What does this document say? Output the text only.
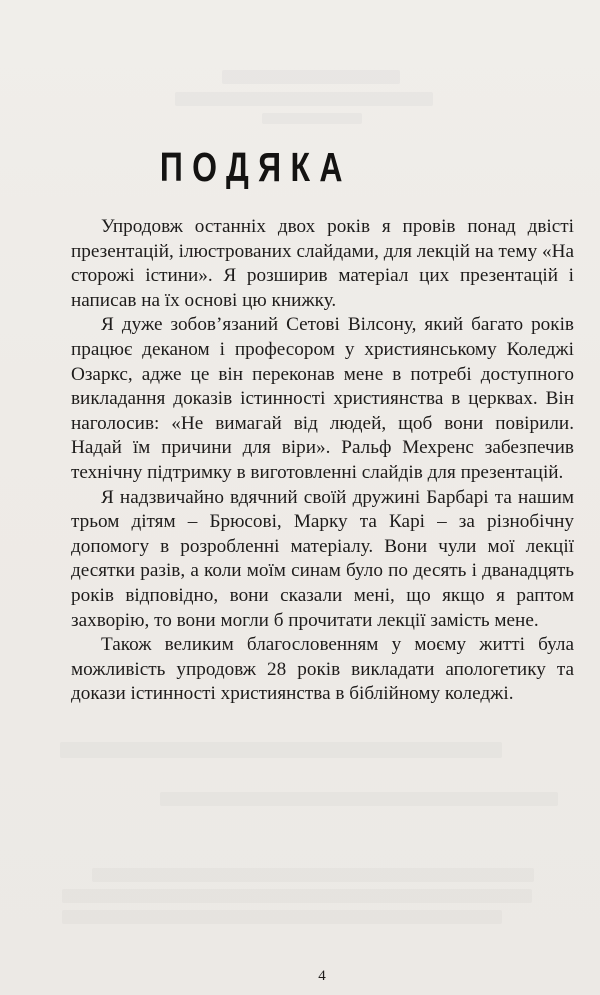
ПОДЯКА

Упродовж останніх двох років я провів понад двісті презентацій, ілюстрованих слайдами, для лекцій на тему «На сторожі істини». Я розширив матеріал цих презентацій і написав на їх основі цю книжку.

Я дуже зобов’язаний Сетові Вілсону, який багато років працює деканом і професором у християнському Коледжі Озаркс, адже це він переконав мене в потребі доступного викладання доказів істинності християнства в церквах. Він наголосив: «Не вимагай від людей, щоб вони повірили. Надай їм причини для віри». Ральф Мехренс забезпечив технічну підтримку в виготовленні слайдів для презентацій.

Я надзвичайно вдячний своїй дружині Барбарі та нашим трьом дітям – Брюсові, Марку та Карі – за різнобічну допомогу в розробленні матеріалу. Вони чули мої лекції десятки разів, а коли моїм синам було по десять і дванадцять років відповідно, вони сказали мені, що якщо я раптом захворію, то вони могли б прочитати лекції замість мене.

Також великим благословенням у моєму житті була можливість упродовж 28 років викладати апологетику та докази істинності християнства в біблійному коледжі.

4
